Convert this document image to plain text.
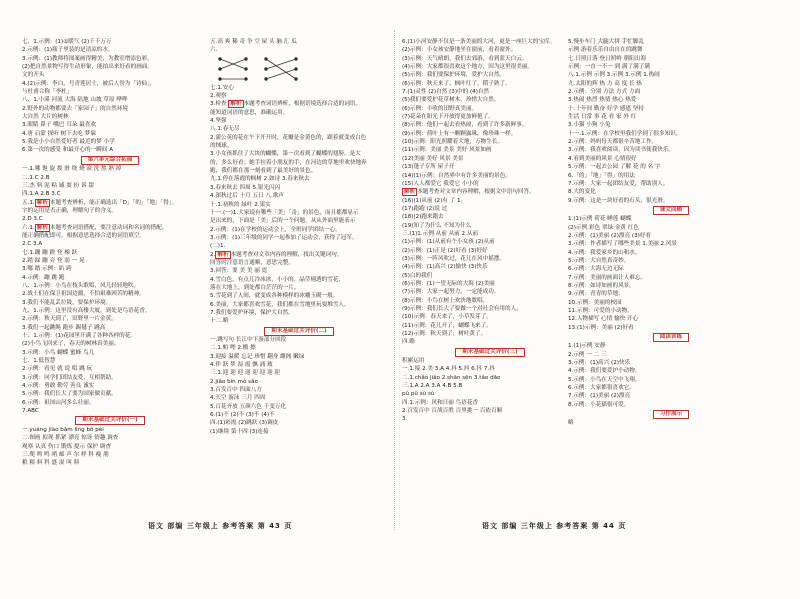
七、1.示例：(1)①暖气 (2)千千万万
2.示例：(1)瓶子里装的是清凉的水。
3.示例：(1)教师将图案画得精美，为教室增添色彩。
(2)把自然景物写得生动形象，能拍出来好看的画面。
文的开头
4.(2)示例：李白，号青莲居士，被后人誉为「诗仙」，
与杜甫合称「李杜」
八、1.小溪 河流 大海 陆地 山坡 草原 哗哗
2.野外的动物都要去「家园子」的自然环境
大自然 大片的树林
3.眼睛 鼻子 嘴巴 耳朵 最喜欢
4.唐 启蒙 探听 树下去吃 梦寐
5.我是小小自然爱好者 最近的梦 小学
6.第一次的感受 和最开心的一瞬间 A
第六单元综合拓展
一.1.哪 饱 旋 拨 滑 绕 烧 滚 洗 熬 熟 掉
二.1.C 2.B
三.杰 料 泥 粘 铺 耍 扮 诉 甜
四.1.A 2.B 3.C
五.1. 解析 本题考查辨析，能正确选出「D」「的」「地」「得」。
字的运用是否正确，理解句子的含义。
2.D 3.C
六.1. 解析 本题考查词语搭配，要注意动词和名词的搭配。
能正确搭配即可。根据意思选择合适的词语填空。
2.C 3.A
七.1.蹦 蹦 蹬 登 梯 跃
2.踏 踩 蹦 旁 登 弱 一 晃
3.哪 踏 示例：趴 跨
4.示例：蹦 跳 跑
八、1.示例：小鸟在枝头歌唱，风儿轻轻地吹。
2.战士们在保卫祖国边疆，不怕艰难困苦的精神。
3.我们不能乱丢垃圾，要保护环境。
九、1.示例：这里没有高楼大厦，到处是鸟语花香。
2.示例：秋天到了，田野里一片金黄。
3.我们一起跳绳 跑步 踢毽子 跳高
十、1.示例：(1)花园里开满了各种各样的花。
(2)小鸟飞回来了，春天的树林真美丽。
3.示例：小鸟 蝴蝶 蜜蜂 鸟儿
七、1.低智慧
2.示例：看见 就 说 唱 跳 玩
3.示例：同学们团结友爱，互相帮助。
4.示例：勇敢 勤劳 善良 诚实
5.示例：我们长大了要为国家做贡献。
6.示例：祖国山河多么壮丽。
7.ABC
期末基础过关评价(一)
一.yuánɡ jiào bǎm lǐnɡ bō pèi
二.图画 拟现 抓紧 漂亮 惊讶 情趣 调查
观察 认真 伤口 锻炼 提示 保护 调查
三.爬 鸣 鸣 哨 邮 声 尔 样 科 瘦 朋
粮 粮 料 科 盛 湿 叫 料
五.高 爽 稀 奇 争 空 屋 头 脑 汇 瓜
六.
七.1.安心
2.观察
3.检查 解析 本题考查词语辨析，根据语境选择合适的词语。
能知道词语的意思，准确运用。
4.坚强
八.1.春无尽
2.蒲公英的花在午下开开时，花瓣是金黄色的，跟着就变成白色
的绒球。
3.小女孩抓住了大块的蝴蝶，第一次看到了蝴蝶的翅膀，是大
的，多么好看；她手拉着小朋友的手，在河边的草地里欢快地奔
跑，我们都在那一刻看到了最美好的景色。
九.1.停在落霞的枫树 2.如诗 3.春来秋去
3.春来秋去 四周 5.银光闪闪
4.深秋过后 十月 五日 八.歌声
十.1.初秋的 绿叶 2.果实
十一.(一)1.大家说有哪些「美」「奇」的景色，而且都都显示
是出来的，下面是「美」后的一个问题，从从外面里能表示
2.示例：(1)在学校的运动会上，全班同学团结一心。
3.示例：(1)三年级的同学一起参加了运动会，获得了冠军。
(二)1.
2. 解析 本题考查对文章内容的理解，找出关键词句。
回答时注意语言通顺，意思完整。
3.回答：要 美 美 丽 霓
4.雪白色，有点儿冷冰冰，小小的，晶莹剔透的雪花，
落在大地上，到处都白茫茫的一片。
5.雪花到了人间，就变成各种模样的冰雕玉砌一般。
6.美丽，大家都喜欢雪花，我们都在雪地里玩耍堆雪人。
7.我们要爱护环境，保护大自然。
十二.略
期末基础过关评价(二)
一.跳写句 长江中下游部分回段
二.1.帕 哩 2.搬 擦
3.迎接 温暖 忘记 珍惜 翻身 雌阁 嫩绿
4.伴 跃 梦 湿 霞 飘 涌 玻
三.1.迎 迎 迎 迎 迎 迎 迎 迎
2.jiǎo bìn mò sǎo
3.百发百中 四面八方
4.天空 游泳 三月 四周
5.百花齐放 五颜六色 千变万化
6.(1)不 (2)不 (3)不 (4)不
四.(1)彩霞 (2)跳跃 (3)调皮
(1)继续 第十四 (3)连接
6.(1)小河安静不仅是一条美丽的大河，更是一座巨大的宝库。
(2)示例：小女孩安静地坐在窗前，看着窗外。
(3)示例：天气晴朗，我们去郊游，看到蓝天白云。
(4)示例：大家都很喜欢这个地方，因为这里很美丽。
(5)示例：我们要保护环境，爱护大自然。
(6)示例：秋天来了，枫叶红了，稻子熟了。
7.(1)灵性 (2)自然 (3)中的 (4)自然
(5)我们要爱护花草树木，珍惜大自然。
(6)示例：丰收的田野真美丽。
(7)花朵在阳光下开放得更加鲜艳了。
(8)示例：他们一起去看热闹，看到了许多新鲜事。
(9)示例：荷叶上有一颗颗露珠，像珍珠一样。
(10)示例：阳光照耀着大地，万物生长。
(11)示例：美丽 美景 美好 风景如画
(12)美丽 美好 风景 美景
(13)蓬子专所 屋子开
(14)(1)示例：自然界中有许多美丽的景色。
(15)人人都爱它 我爱它 小小的
解析 本题考查对文章内容理解，根据文中语句回答。
(16)(1)从前 (2)有 了 1。
(17)跑跑 (2)说 过
(18)(2)跑来跑去
(19)知了为什么 不知为什么
三.(1)1.示例 从前 从前 2.从前
(1)示例：(1)从前有个小女孩 (2)从前
(2)示例：(1)正是 (2)好看 (3)好好
(3)示例：一阵风吹过，花儿在风中摇摆。
(4)示例：(1)高兴 (2)愉快 (3)快乐
(5)白的我们
(6)示例：(1)一望无际的大海 (2)美丽
(7)示例：大家一起努力，一定能成功。
(8)示例：小鸟在树上欢快地歌唱。
(9)示例：我们长大了要做一个对社会有用的人。
(10)示例：春天来了，小草发芽了。
(11)示例：花儿开了，蝴蝶飞来了。
(12)示例：秋天到了，树叶黄了。
四.略
期末基础过关评价(三)
积累运用
一.1.接 2.美 3.A 4.抖 5.抖 6.抖 7.抖
二.1.chǎo jiāo 2.shān sēn 3.tǎo dǎo
三.1.A 2.A 3.A 4.B 5.B
pǔ pǔ sù sù
四.1.示例：风和日丽 鸟语花香
2.百发百中 百战百胜 百里挑一 百依百顺
3.
5.慢步车门 大腿大拼 手忙脚乱
示例 游着乐乐自由自在的跳舞
七.日照日落 登日照岭 朝阳出海
示例：一直一不一 到 满了满了满
八.1.示例 示例 3.示例 3.示例 1.热闹
九.太阳的辉 热 力 高 度 长 热
2.示例：分别 方法 方式 方面
3.热闹 热烈 热情 热心 热爱
十.十年间 勤奋 好学 感恩 坚持
生活 日常 事 花 看 家 外 红
3.小猫 小狗 小兔
十一.1.示例：在学校里我们学到了很多知识。
2.示例：妈妈每天都很辛苦地工作。
3.示例：我喜欢阅读，因为读书使我快乐。
4.看到美丽的风景 心情很好
5.示例：一起去公园 了解 花 的 名 字
6.「的」「地」「得」的用法
7.示例：大家一起团结友爱，帮助别人。
8.大的变化
9.示例：这是一块好看的石头，很光滑。
课文回顾
1.(1)示例 荷花 睡莲 蝴蝶
(2)示例 彩色 翠绿 金黄 红色
2.示例：(1)美丽 (2)漂亮 (3)好看
3.示例：作者描写了哪些美景 1.美丽 2.风景
4.示例：我爱家乡的山和水。
5.示例：大自然真奇妙。
6.示例：大海无边无际
7.示例：美丽的画面让人难忘。
8.示例：如诗如画的风景。
9.示例：青青的草地。
10.示例：美丽的校园
11.示例：可爱的小动物。
12.人物描写 心情 愉快 开心
13.(1)示例：美丽 (2)好看
阅读训练
1.(1)示例 安静
2.示例 一 二 三
3.示例：(1)高兴 (2)快乐
4.示例：我们要爱护小动物。
5.示例：小鸟在天空中飞翔。
6.示例：大家都很喜欢它。
7.示例：(1)美丽 (2)漂亮
8.示例：小花猫很可爱。
习作展示
略
语文 部编 三年级上 参考答案 第 43 页	语文 部编 三年级上 参考答案 第 44 页
